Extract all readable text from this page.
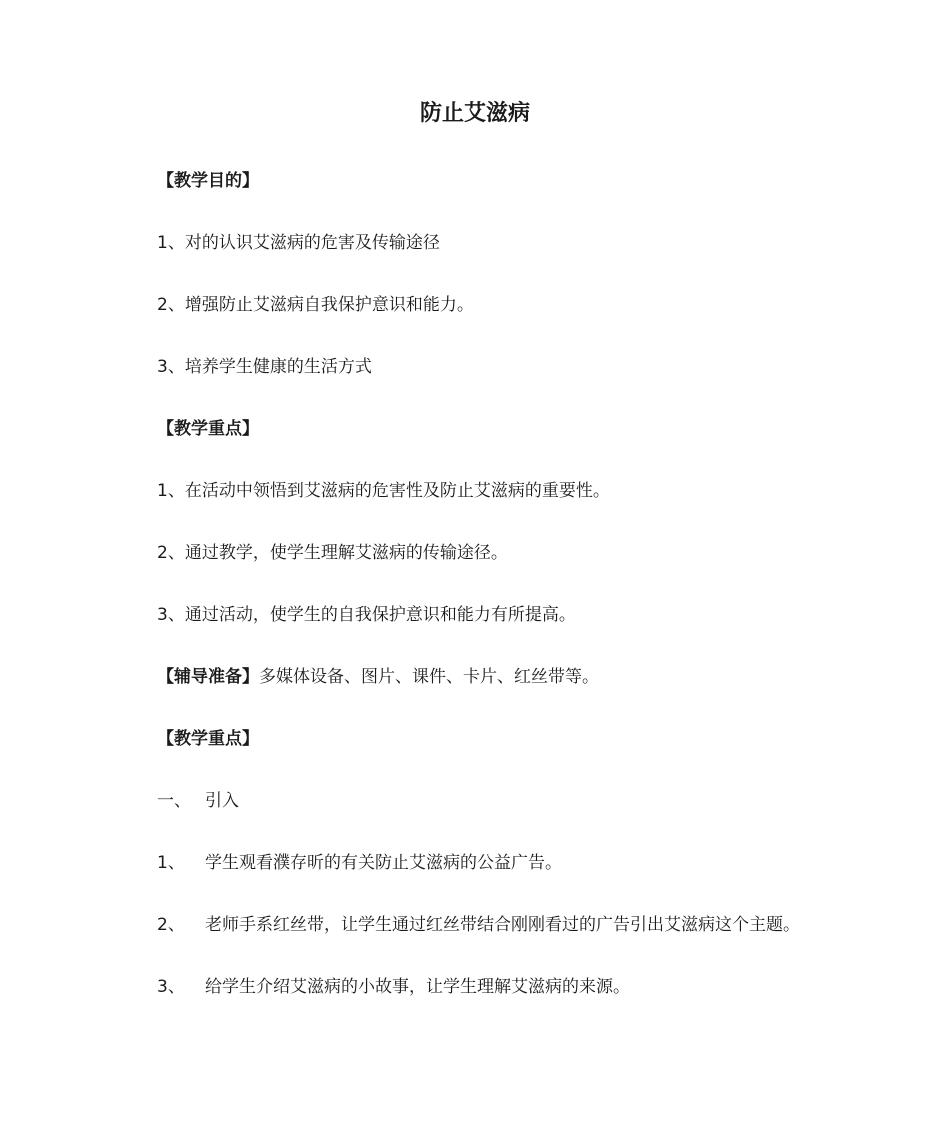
防止艾滋病
【教学目的】
1、对的认识艾滋病的危害及传输途径
2、增强防止艾滋病自我保护意识和能力。
3、培养学生健康的生活方式
【教学重点】
1、在活动中领悟到艾滋病的危害性及防止艾滋病的重要性。
2、通过教学，使学生理解艾滋病的传输途径。
3、通过活动，使学生的自我保护意识和能力有所提高。
【辅导准备】多媒体设备、图片、课件、卡片、红丝带等。
【教学重点】
一、 引入
1、 学生观看濮存昕的有关防止艾滋病的公益广告。
2、 老师手系红丝带，让学生通过红丝带结合刚刚看过的广告引出艾滋病这个主题。
3、 给学生介绍艾滋病的小故事，让学生理解艾滋病的来源。
